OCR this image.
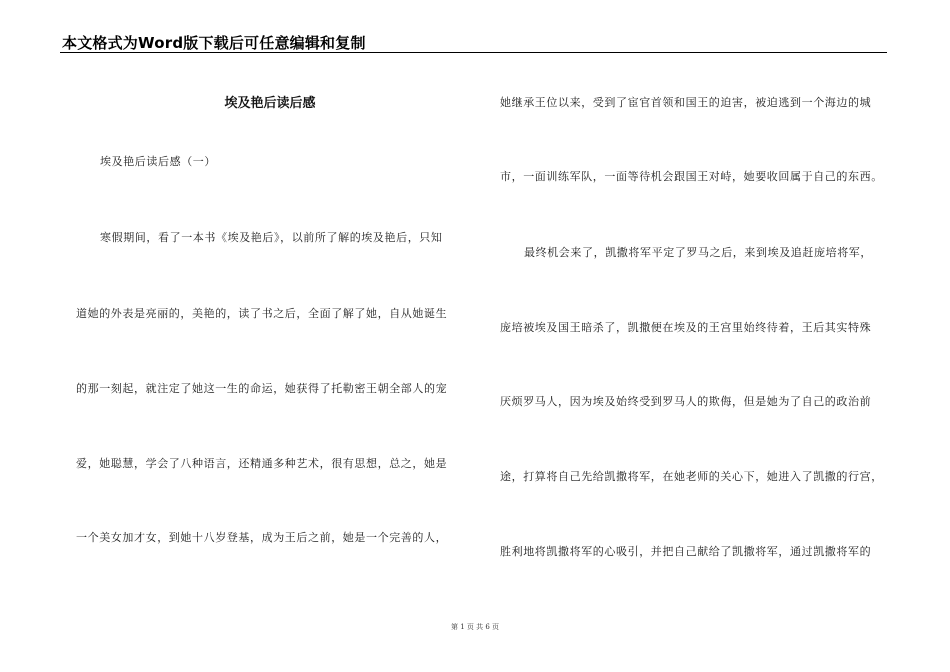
本文格式为Word版下载后可任意编辑和复制
埃及艳后读后感
埃及艳后读后感（一）
寒假期间，看了一本书《埃及艳后》，以前所了解的埃及艳后，只知
道她的外表是亮丽的，美艳的，读了书之后，全面了解了她，自从她诞生
的那一刻起，就注定了她这一生的命运，她获得了托勒密王朝全部人的宠
爱，她聪慧，学会了八种语言，还精通多种艺术，很有思想，总之，她是
一个美女加才女，到她十八岁登基，成为王后之前，她是一个完善的人，
她继承王位以来，受到了宦官首领和国王的迫害，被迫逃到一个海边的城
市，一面训练军队，一面等待机会跟国王对峙，她要收回属于自己的东西。
最终机会来了，凯撒将军平定了罗马之后，来到埃及追赶庞培将军，
庞培被埃及国王暗杀了，凯撒便在埃及的王宫里始终待着，王后其实特殊
厌烦罗马人，因为埃及始终受到罗马人的欺侮，但是她为了自己的政治前
途，打算将自己先给凯撒将军，在她老师的关心下，她进入了凯撒的行宫，
胜利地将凯撒将军的心吸引，并把自己献给了凯撒将军，通过凯撒将军的
第 1 页 共 6 页
